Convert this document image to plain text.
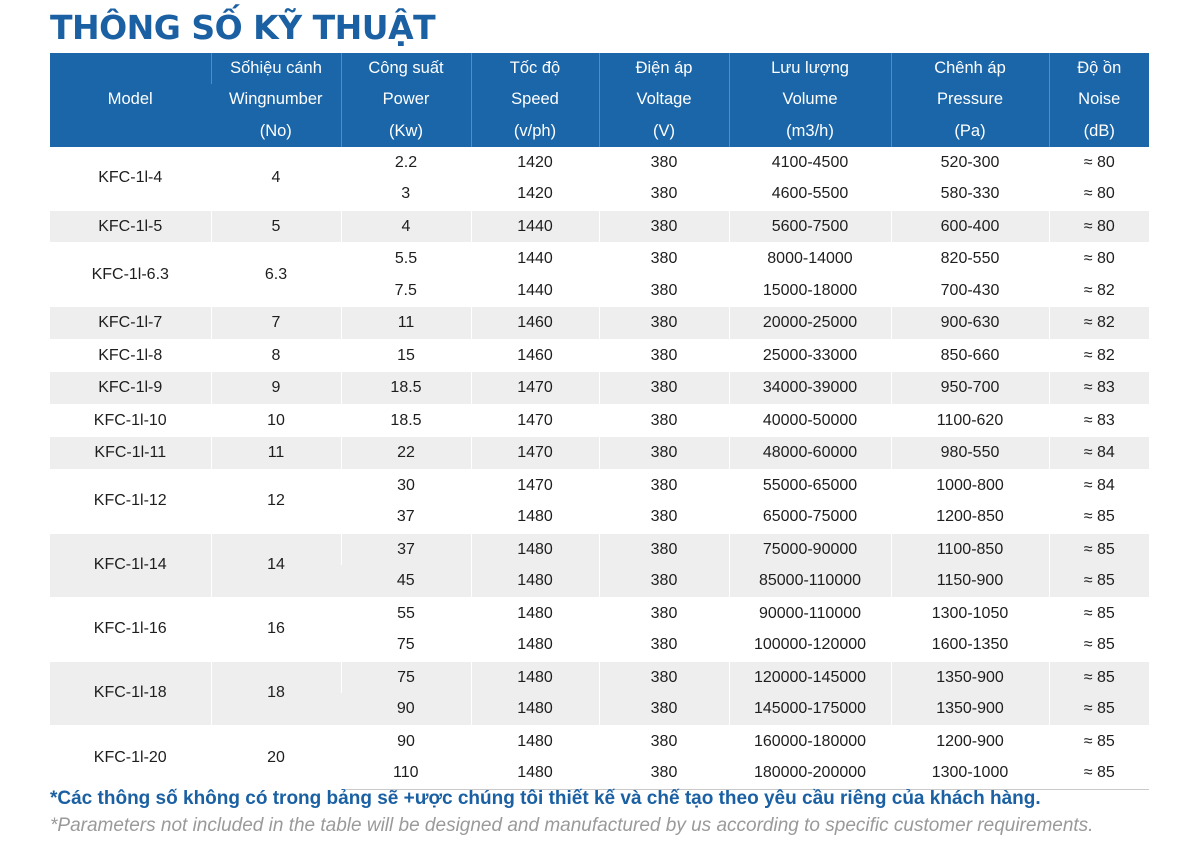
THÔNG SỐ KỸ THUẬT
Model	Sốhiệu cánh	Công suất	Tốc độ	Điện áp	Lưu lượng	Chênh áp	Độ ồn
	Wingnumber	Power	Speed	Voltage	Volume	Pressure	Noise
	(No)	(Kw)	(v/ph)	(V)	(m3/h)	(Pa)	(dB)
KFC-1l-4	4	2.2	1420	380	4100-4500	520-300	≈ 80
		3	1420	380	4600-5500	580-330	≈ 80
KFC-1l-5	5	4	1440	380	5600-7500	600-400	≈ 80
KFC-1l-6.3	6.3	5.5	1440	380	8000-14000	820-550	≈ 80
		7.5	1440	380	15000-18000	700-430	≈ 82
KFC-1l-7	7	11	1460	380	20000-25000	900-630	≈ 82
KFC-1l-8	8	15	1460	380	25000-33000	850-660	≈ 82
KFC-1l-9	9	18.5	1470	380	34000-39000	950-700	≈ 83
KFC-1l-10	10	18.5	1470	380	40000-50000	1100-620	≈ 83
KFC-1l-11	11	22	1470	380	48000-60000	980-550	≈ 84
KFC-1l-12	12	30	1470	380	55000-65000	1000-800	≈ 84
		37	1480	380	65000-75000	1200-850	≈ 85
KFC-1l-14	14	37	1480	380	75000-90000	1100-850	≈ 85
		45	1480	380	85000-110000	1150-900	≈ 85
KFC-1l-16	16	55	1480	380	90000-110000	1300-1050	≈ 85
		75	1480	380	100000-120000	1600-1350	≈ 85
KFC-1l-18	18	75	1480	380	120000-145000	1350-900	≈ 85
		90	1480	380	145000-175000	1350-900	≈ 85
KFC-1l-20	20	90	1480	380	160000-180000	1200-900	≈ 85
		110	1480	380	180000-200000	1300-1000	≈ 85
*Các thông số không có trong bảng sẽ +ược chúng tôi thiết kế và chế tạo theo yêu cầu riêng của khách hàng.
*Parameters not included in the table will be designed and manufactured by us according to specific customer requirements.
